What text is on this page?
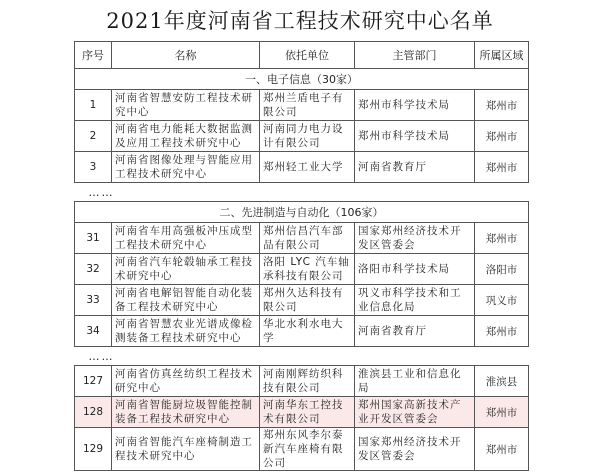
2021年度河南省工程技术研究中心名单
序号	名称	依托单位	主管部门	所属区域
一、电子信息（30家）				
1	河南省智慧安防工程技术研究中心	郑州兰盾电子有限公司	郑州市科学技术局	郑州市
2	河南省电力能耗大数据监测及应用工程技术研究中心	河南同力电力设计有限公司	郑州市科学技术局	郑州市
3	河南省图像处理与智能应用工程技术研究中心	郑州轻工业大学	河南省教育厅	郑州市
……				
二、先进制造与自动化（106家）				
31	河南省车用高强板冲压成型工程技术研究中心	郑州信昌汽车部品有限公司	国家郑州经济技术开发区管委会	郑州市
32	河南省汽车轮毂轴承工程技术研究中心	洛阳 LYC 汽车轴承科技有限公司	洛阳市科学技术局	洛阳市
33	河南省电解铝智能自动化装备工程技术研究中心	郑州久达科技有限公司	巩义市科学技术和工业信息化局	巩义市
34	河南省智慧农业光谱成像检测装备工程技术研究中心	华北水利水电大学	河南省教育厅	郑州市
……				
127	河南省仿真丝纺织工程技术研究中心	河南刚辉纺织科技有限公司	淮滨县工业和信息化局	淮滨县
128	河南省智能厨垃圾智能控制装备工程技术研究中心	河南华东工控技术有限公司	郑州国家高新技术产业开发区管委会	郑州市
129	河南省智能汽车座椅制造工程技术研究中心	郑州东风李尔泰新汽车座椅有限公司	国家郑州经济技术开发区管委会	郑州市
